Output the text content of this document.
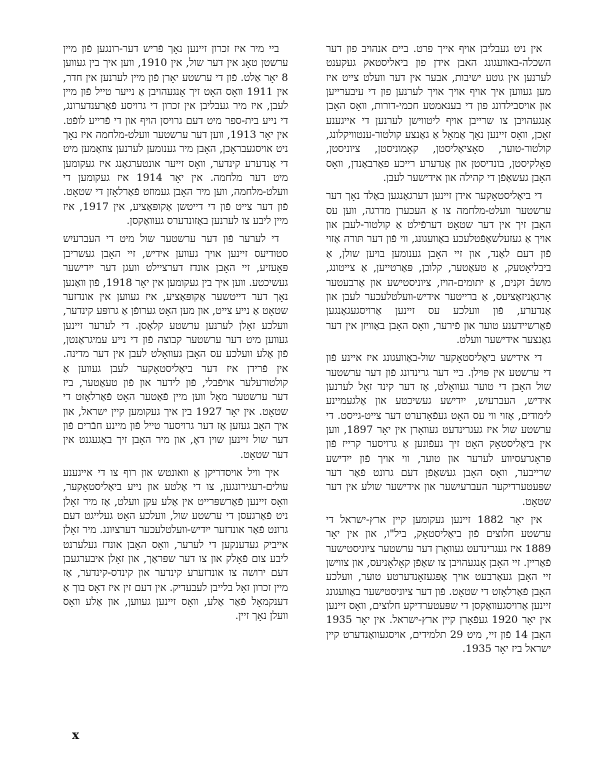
אין ניט געבליבן אויף אייך פרט. ביים אנהויב פון דער השכלה-באוועגונג האבן אידן פון ביאליסטאק געקענט לערנען אין גוטע ישיבות, אבער אין דער וועלט צייט איז מען געווען איך אויף אויך אויך לערנען פון די עיבערייען און אויסבילדונג פון די בענאמטע חכמי-דורות, וואָס האָבן אָנגעהויבן צו שרייבן אויף ליטווישן לערנען די אייגענע זאָכן, וואָס זיינען נאָך אַמאָל אַ גאַנצע קולטור-ענטוויקלונג, קולטור-טוער, סאָציאַליסטן, קאָמוניסטן, ציוניסטן, פאָלקיסטן, בונדיסטן און אַנדערע רייכע פאַרבאַנדן, וואָס האָבן געשאַפֿן די קהילה און אידישער לעבן.

די ביאַליסטאָקער אידן זיינען דערגאַנגען באַלד נאָך דער ערשטער וועלט-מלחמה צו אַ העכערן מדרגה, ווען עס האָבן זיך אין דער שטאָט דערפֿילט אַ קולטור-לעבן און אויך אַ געזעלשאַפֿטלעכע באַוועגונג, ווי פֿון דער תּורה אַזוי פֿון דעם לאַנד, און זיי האָבן גענומען בויען שולן, אַ ביבליאָטעק, אַ טעאַטער, קלובן, פּאַרטייען, אַ צייטונג, מושבֿ זקנים, אַ יתומים-הויז, ציוניסטישע און אַרבעטער אָרגאַניזאַציעס, אַ ברייטער אידיש-וועלטלעכער לעבן און אַנדערע, פֿון וועלכע עס זיינען אַרויסגעגאַנגען פֿאַרשיידענע טוער און פֿירער, וואָס האָבן באַוויזן אין דער גאַנצער אידישער וועלט.

די אידישע ביאַליסטאָקער שול-באַוועגונג איז איינע פֿון די ערשטע אין פּוילן. ביי דער גרינדונג פֿון דער ערשטער שול האָבן די טוער געוואָלט, אַז דער קינד זאָל לערנען אידיש, העברעיִש, ייִדישע געשיכטע און אַלגעמיינע לימודים, אַזוי ווי עס האָט געפֿאָדערט דער צייט-גייסט. די ערשטע שול איז געגרינדעט געוואָרן אין יאָר 1897, ווען אין ביאַליסטאָק האָט זיך געפֿונען אַ גרויסער קרייז פֿון פּראָגרעסיווע לערער און טוער, ווי אויך פֿון ייִדישע שרייבער, וואָס האָבן געשאַפֿן דעם גרונט פֿאַר דער שפּעטערדיקער העברעיִשער און אידישער שולע אין דער שטאָט.

אין יאָר 1882 זיינען געקומען קיין ארץ-ישראל די ערשטע חלוצים פֿון ביאַליסטאָק, ביל"ו, און אין יאָר 1889 איז געגרינדעט געוואָרן דער ערשטער ציוניסטישער פֿאַריין. זיי האָבן אָנגעהויבן צו שאַפֿן קאָלאָניעס, און צווישן זיי האָבן געאַרבעט אויך אָפּגעזאָנדערטע טוער, וועלכע האָבן פֿאַרלאָזט די שטאָט. פֿון דער ציוניסטישער באַוועגונג זיינען אַרויסגעוואַקסן די שפּעטערדיקע חלוצים, וואָס זיינען אין יאָר 1920 געפֿאָרן קיין ארץ-ישראל. אין יאָר 1935 האָבן 14 פֿון זיי, מיט 29 תלמידים, אויסגעוואַנדערט קיין ישראל ביז יאָר 1935.

ביי מיר איז זכרון זיינען נאָך פֿריש דער-רונגען פֿון מיין ערשטן טאָג אין דער שול, אין 1910, ווען איך בין געווען 8 יאָר אַלט. פֿון די ערשטע יאָרן פֿון מיין לערנען אין חדר, אין 1911 וואָס האָט זיך אָנגעהויבן אַ נייער טייל פֿון מיין לעבן, איז מיר געבליבן אין זכרון די גרויסע פֿאַרענדערונג, די נייע בית-ספר מיט דעם גרויסן הויף און די פֿרייע לופֿט. אין יאָר 1913, ווען דער ערשטער וועלט-מלחמה איז נאָך ניט אויסגעבראָכן, האָבן מיר גענומען לערנען צוזאַמען מיט די אַנדערע קינדער, וואָס זייער אונטערגאַנג איז געקומען מיט דער מלחמה. אין יאָר 1914 איז געקומען די וועלט-מלחמה, ווען מיר האָבן געמוזט פֿאַרלאָזן די שטאָט. פֿון דער צייט פֿון די דייטשן אַקופּאַציע, אין 1917, איז מיין ליבע צו לערנען באַזונדערס געוואַקסן.

די לערער פֿון דער ערשטער שול מיט די העברעיִש סטודיעס זיינען אויך געווען אידיש, זיי האָבן געשריבן פּאָעזיע, זיי האָבן אונדז דערציילט וועגן דער ייִדישער געשיכטע. ווען איך בין געקומען אין יאָר 1918, פֿון וואַנען נאָך דער דייטשער אַקופּאַציע, איז געווען אין אונדזער שטאָט אַ נייע צייט, און מען האָט גערופֿן אַ גרופּע קינדער, וועלכע זאָלן לערנען ערשטע קלאַסן. די לערער זיינען געווען מיט דער ערשטער קבוצה פֿון די נייע עמיגראַנטן, פֿון אַלע וועלכע עס האָבן געוואָלט לעבן אין דער מדינה. אין פֿרידן איז דער ביאַליסטאָקער לעבן געווען אַ קולטורעלער אויפֿבלי, פֿון לידער און פֿון טעאַטער, ביז דער ערשטער מאָל ווען מיין פֿאַטער האָט פֿאַרלאָזט די שטאָט. אין יאָר 1927 בין איך געקומען קיין ישראל, און איך האָב געזען אַז דער גרויסער טייל פֿון מיינע חבֿרים פֿון דער שול זיינען שוין דאָ, און מיר האָבן זיך באַגעגנט אין דער שטאָט.

איך וויל אויסדריקן אַ וואונטש און רוף צו די אייגענע עולים-רעגירונגען, צו די אַלטע און נייע ביאַליסטאָקער, וואָס זיינען פֿאַרשפּרייט אין אַלע עקן וועלט, אַז מיר זאָלן ניט פֿאַרגעסן די ערשטע שול, וועלכע האָט געלייגט דעם גרונט פֿאַר אונדזער ייִדיש-וועלטלעכער דערציִונג. מיר זאָלן אייביק געדענקען די לערער, וואָס האָבן אונדז געלערנט ליבע צום פֿאָלק און צו דער שפּראַך, און זאָלן איבערגעבן דעם ירושה צו אונדזערע קינדער און קינדס-קינדער, אַז מיין זכרון זאָל בלייבן לעבעדיק. אין דעם זין איז דאָס בוך אַ דענקמאָל פֿאַר אַלע, וואָס זיינען געווען, און אַלע וואָס וועלן נאָך זיין.

x
